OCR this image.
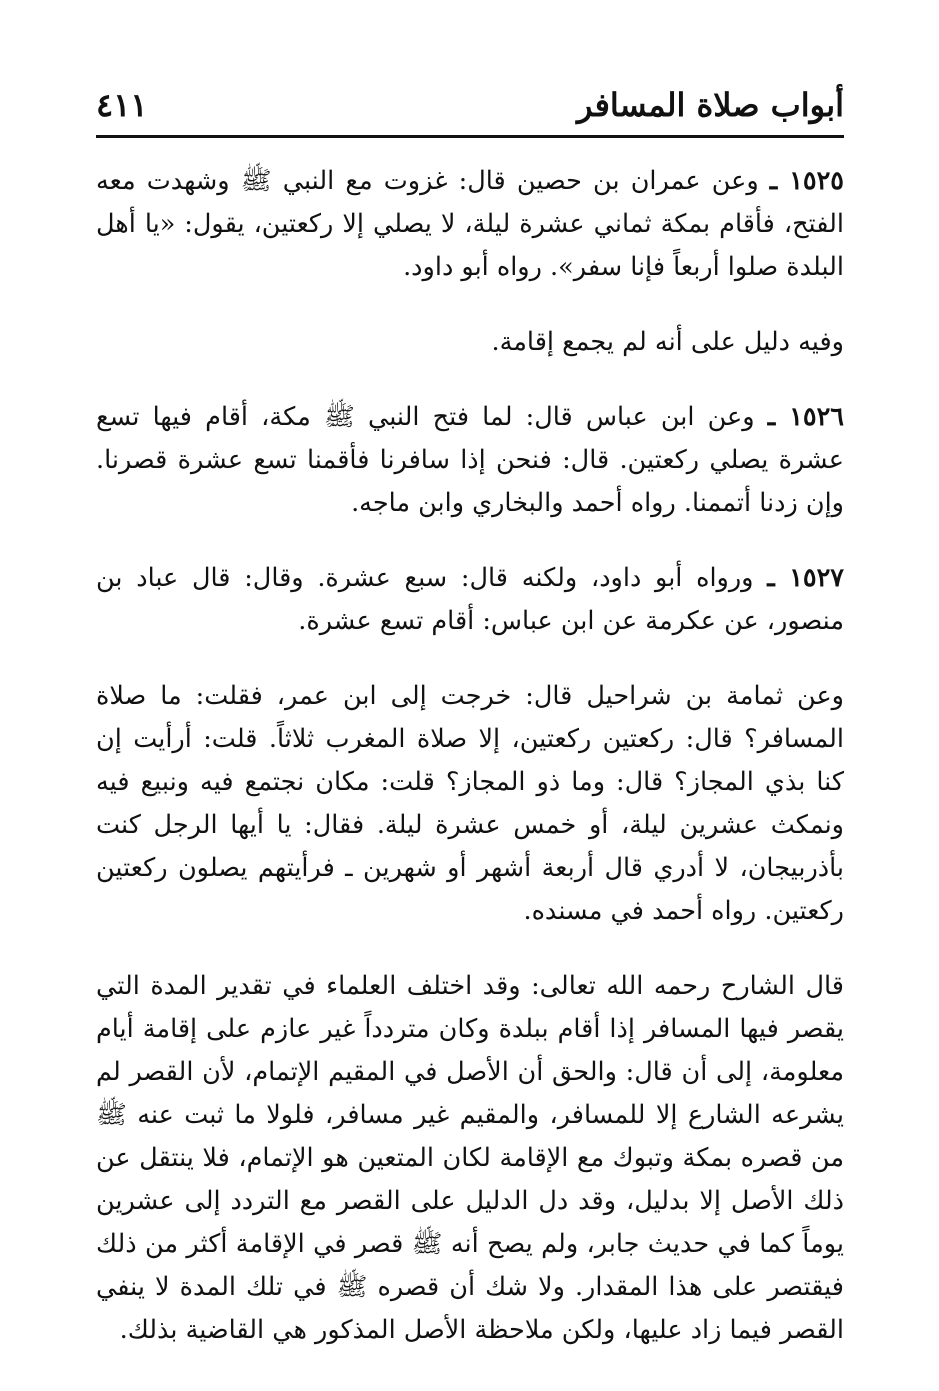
أبواب صلاة المسافر
٤١١

١٥٢٥ ـ وعن عمران بن حصين قال: غزوت مع النبي ﷺ وشهدت معه الفتح، فأقام بمكة ثماني عشرة ليلة، لا يصلي إلا ركعتين، يقول: «يا أهل البلدة صلوا أربعاً فإنا سفر». رواه أبو داود.

وفيه دليل على أنه لم يجمع إقامة.

١٥٢٦ ـ وعن ابن عباس قال: لما فتح النبي ﷺ مكة، أقام فيها تسع عشرة يصلي ركعتين. قال: فنحن إذا سافرنا فأقمنا تسع عشرة قصرنا. وإن زدنا أتممنا. رواه أحمد والبخاري وابن ماجه.

١٥٢٧ ـ ورواه أبو داود، ولكنه قال: سبع عشرة. وقال: قال عباد بن منصور، عن عكرمة عن ابن عباس: أقام تسع عشرة.

وعن ثمامة بن شراحيل قال: خرجت إلى ابن عمر، فقلت: ما صلاة المسافر؟ قال: ركعتين ركعتين، إلا صلاة المغرب ثلاثاً. قلت: أرأيت إن كنا بذي المجاز؟ قال: وما ذو المجاز؟ قلت: مكان نجتمع فيه ونبيع فيه ونمكث عشرين ليلة، أو خمس عشرة ليلة. فقال: يا أيها الرجل كنت بأذربيجان، لا أدري قال أربعة أشهر أو شهرين ـ فرأيتهم يصلون ركعتين ركعتين. رواه أحمد في مسنده.

قال الشارح رحمه الله تعالى: وقد اختلف العلماء في تقدير المدة التي يقصر فيها المسافر إذا أقام ببلدة وكان متردداً غير عازم على إقامة أيام معلومة، إلى أن قال: والحق أن الأصل في المقيم الإتمام، لأن القصر لم يشرعه الشارع إلا للمسافر، والمقيم غير مسافر، فلولا ما ثبت عنه ﷺ من قصره بمكة وتبوك مع الإقامة لكان المتعين هو الإتمام، فلا ينتقل عن ذلك الأصل إلا بدليل، وقد دل الدليل على القصر مع التردد إلى عشرين يوماً كما في حديث جابر، ولم يصح أنه ﷺ قصر في الإقامة أكثر من ذلك فيقتصر على هذا المقدار. ولا شك أن قصره ﷺ في تلك المدة لا ينفي القصر فيما زاد عليها، ولكن ملاحظة الأصل المذكور هي القاضية بذلك.
